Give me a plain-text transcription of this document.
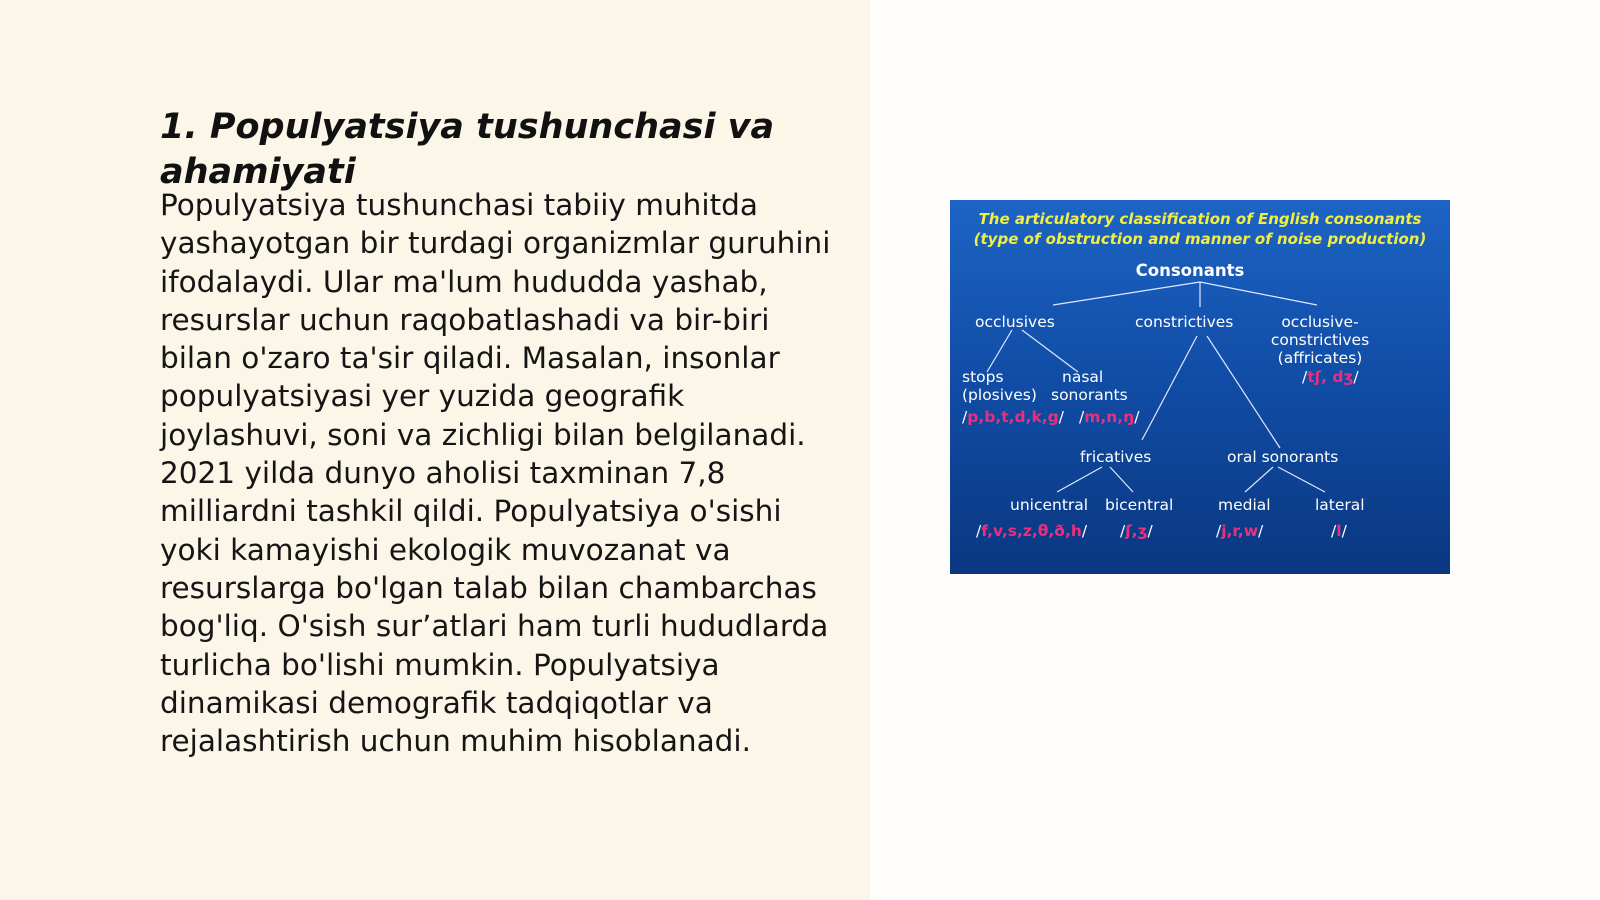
1. Populyatsiya tushunchasi va ahamiyati

Populyatsiya tushunchasi tabiiy muhitda yashayotgan bir turdagi organizmlar guruhini ifodalaydi. Ular ma'lum hududda yashab, resurslar uchun raqobatlashadi va bir-biri bilan o'zaro ta'sir qiladi. Masalan, insonlar populyatsiyasi yer yuzida geografik joylashuvi, soni va zichligi bilan belgilanadi. 2021 yilda dunyo aholisi taxminan 7,8 milliardni tashkil qildi. Populyatsiya o'sishi yoki kamayishi ekologik muvozanat va resurslarga bo'lgan talab bilan chambarchas bog'liq. O'sish sur’atlari ham turli hududlarda turlicha bo'lishi mumkin. Populyatsiya dinamikasi demografik tadqiqotlar va rejalashtirish uchun muhim hisoblanadi.

The articulatory classification of English consonants
(type of obstruction and manner of noise production)
Consonants
occlusives	constrictives	occlusive-
constrictives
(affricates)
/tʃ, dʒ/
stops
(plosives)
nasal
sonorants
/p,b,t,d,k,g/ /m,n,ŋ/
fricatives	oral sonorants
unicentral bicentral	medial	lateral
/f,v,s,z,θ,ð,h/ /ʃ,ʒ/	/j,r,w/	/l/
